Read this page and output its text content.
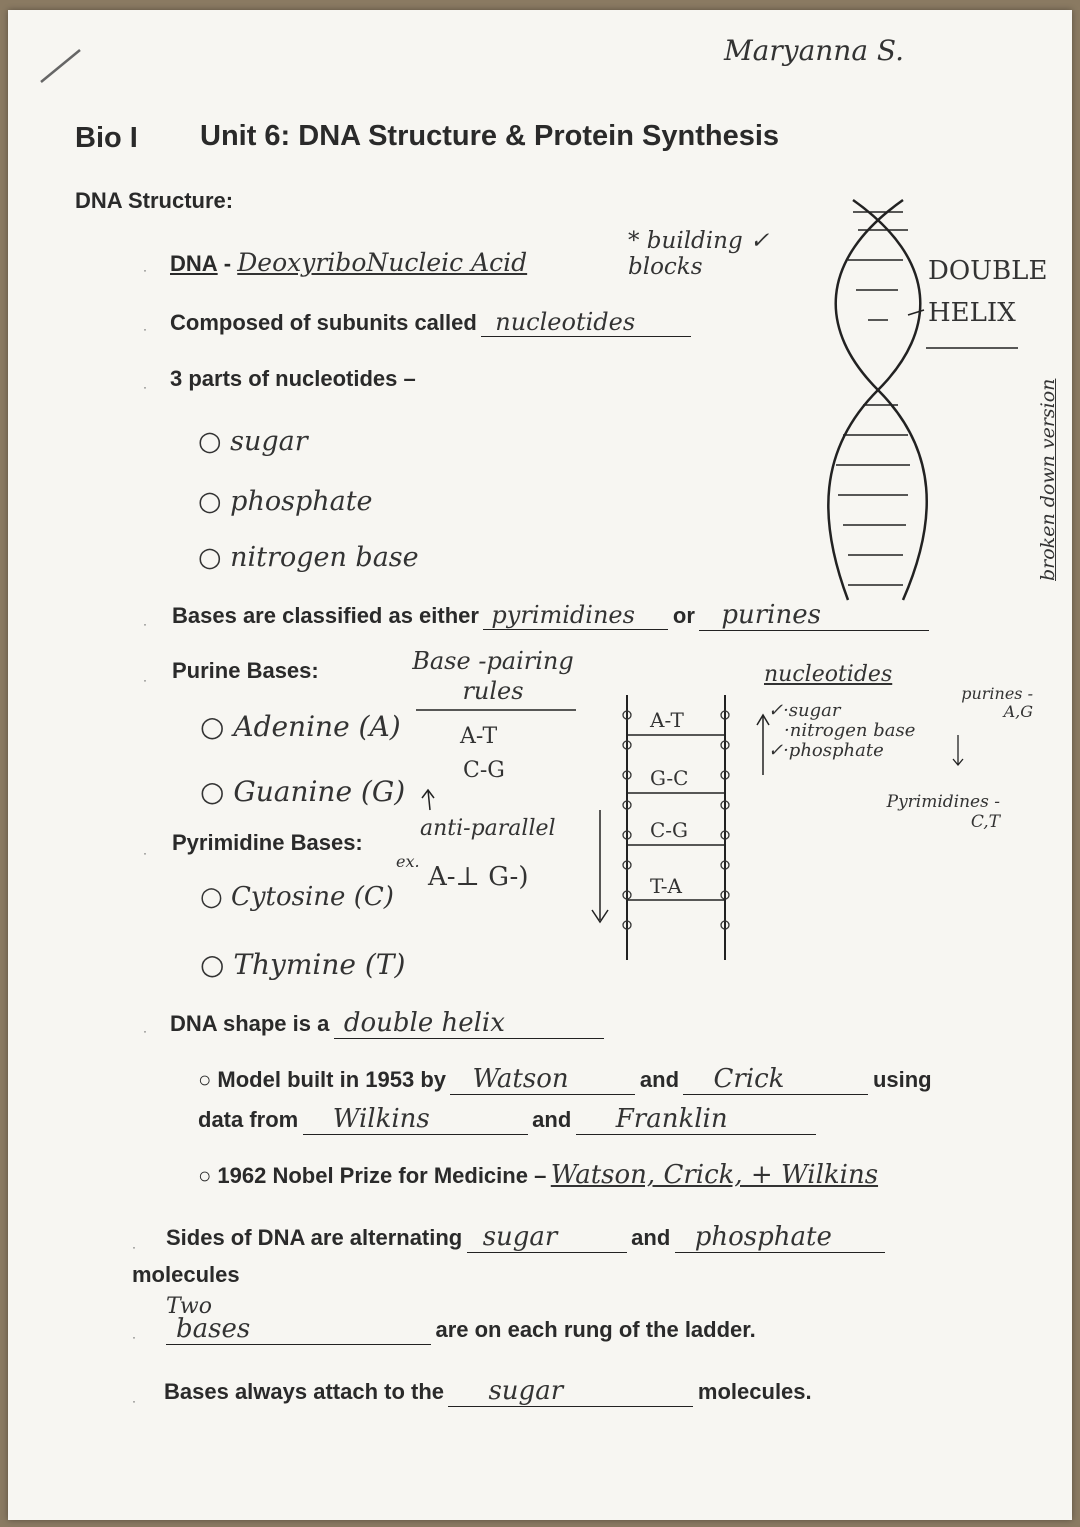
Maryanna S.
Bio I Unit 6: DNA Structure & Protein Synthesis
DNA Structure:
· DNA - DeoxyriboNucleic Acid
* building ✓ blocks
· Composed of subunits called nucleotides
· 3 parts of nucleotides –
○ sugar
○ phosphate
○ nitrogen base
DOUBLE HELIX
broken down version
· Bases are classified as either pyrimidines or purines
· Purine Bases:
○ Adenine (A)
○ Guanine (G)
Base -pairing rules
A-T
C-G
anti-parallel
ex.
A-⊥ G-)
A-T
G-C
C-G
T-A
nucleotides
✓·sugar
·nitrogen base
✓·phosphate
purines -A,G
Pyrimidines -C,T
· Pyrimidine Bases:
○ Cytosine (C)
○ Thymine (T)
· DNA shape is a double helix
○ Model built in 1953 by Watson	and Crick	using
data from Wilkins	and Franklin
○ 1962 Nobel Prize for Medicine – Watson, Crick, + Wilkins
· Sides of DNA are alternating sugar	and phosphate
molecules
·
Two
bases	are on each rung of the ladder.
· Bases always attach to the sugar	molecules.
